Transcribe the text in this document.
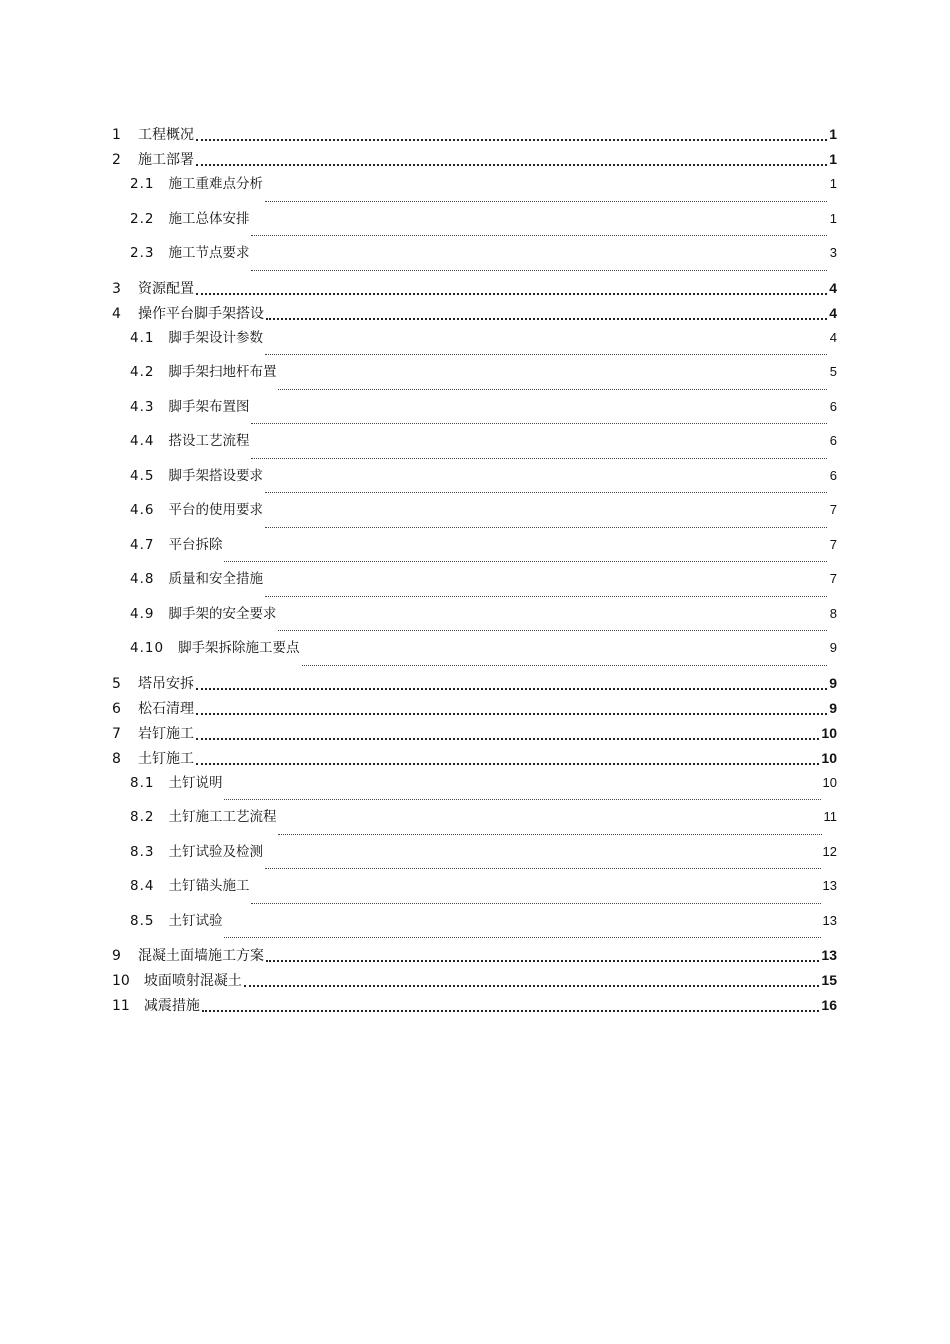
1	工程概况	1
2	施工部署	1
2.1	施工重难点分析	1
2.2	施工总体安排	1
2.3	施工节点要求	3
3	资源配置	4
4	操作平台脚手架搭设	4
4.1	脚手架设计参数	4
4.2	脚手架扫地杆布置	5
4.3	脚手架布置图	6
4.4	搭设工艺流程	6
4.5	脚手架搭设要求	6
4.6	平台的使用要求	7
4.7	平台拆除	7
4.8	质量和安全措施	7
4.9	脚手架的安全要求	8
4.10	脚手架拆除施工要点	9
5	塔吊安拆	9
6	松石清理	9
7	岩钉施工	10
8	土钉施工	10
8.1	土钉说明	10
8.2	土钉施工工艺流程	11
8.3	土钉试验及检测	12
8.4	土钉锚头施工	13
8.5	土钉试验	13
9	混凝土面墙施工方案	13
10	坡面喷射混凝土	15
11	减震措施	16
